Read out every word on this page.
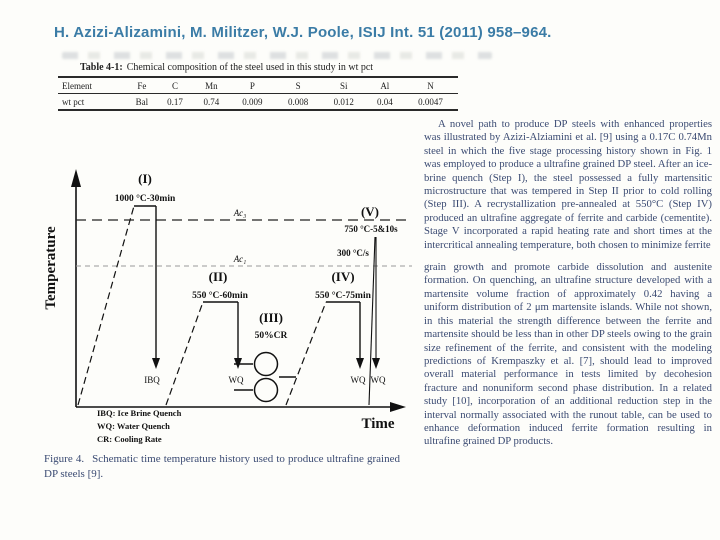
H. Azizi-Alizamini, M. Militzer, W.J. Poole, ISIJ Int. 51 (2011) 958–964.
Table 4-1: Chemical composition of the steel used in this study in wt pct
Element	Fe	C	Mn	P	S	Si	Al	N
wt pct	Bal	0.17	0.74	0.009	0.008	0.012	0.04	0.0047
Temperature
Time
Ac₃
Ac₁
(I)
1000 °C-30min
IBQ
(II)
550 °C-60min
WQ
(III)
50%CR
(IV)
550 °C-75min
WQ
(V)
750 °C-5&10s
300 °C/s
WQ
IBQ: Ice Brine Quench
WQ: Water Quench
CR: Cooling Rate
Figure 4. Schematic time temperature history used to produce ultrafine grained DP steels [9].

A novel path to produce DP steels with enhanced properties was illustrated by Azizi-Alziamini et al. [9] using a 0.17C 0.74Mn steel in which the five stage processing history shown in Fig. 1 was employed to produce a ultrafine grained DP steel. After an ice-brine quench (Step I), the steel possessed a fully martensitic microstructure that was tempered in Step II prior to cold rolling (Step III). A recrystallization pre-annealed at 550°C (Step IV) produced an ultrafine aggregate of ferrite and carbide (cementite). Stage V incorporated a rapid heating rate and short times at the intercritical annealing temperature, both chosen to minimize ferrite

grain growth and promote carbide dissolution and austenite formation. On quenching, an ultrafine structure developed with a martensite volume fraction of approximately 0.42 having a uniform distribution of 2 μm martensite islands. While not shown, in this material the strength difference between the ferrite and martensite should be less than in other DP steels owing to the grain size refinement of the ferrite, and consistent with the modeling predictions of Krempaszky et al. [7], should lead to improved overall material performance in tests limited by decohesion fracture and nonuniform second phase distribution. In a related study [10], incorporation of an additional reduction step in the interval normally associated with the runout table, can be used to enhance deformation induced ferrite formation resulting in ultrafine grained DP products.
